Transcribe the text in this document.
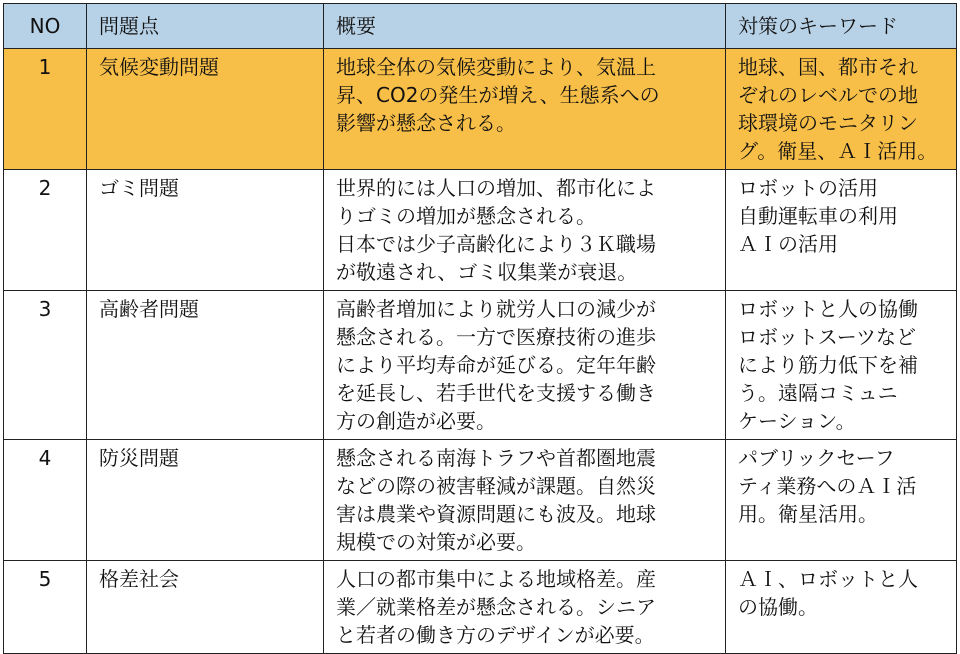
NO	問題点	概要	対策のキーワード
1	気候変動問題	地球全体の気候変動により、気温上
昇、CO2の発生が増え、生態系への
影響が懸念される。	地球、国、都市それ
ぞれのレベルでの地
球環境のモニタリン
グ。衛星、ＡＩ活用。
2	ゴミ問題	世界的には人口の増加、都市化によ
りゴミの増加が懸念される。
日本では少子高齢化により３Ｋ職場
が敬遠され、ゴミ収集業が衰退。	ロボットの活用
自動運転車の利用
ＡＩの活用
3	高齢者問題	高齢者増加により就労人口の減少が
懸念される。一方で医療技術の進歩
により平均寿命が延びる。定年年齢
を延長し、若手世代を支援する働き
方の創造が必要。	ロボットと人の協働
ロボットスーツなど
により筋力低下を補
う。遠隔コミュニ
ケーション。
4	防災問題	懸念される南海トラフや首都圏地震
などの際の被害軽減が課題。自然災
害は農業や資源問題にも波及。地球
規模での対策が必要。	パブリックセーフ
ティ業務へのＡＩ活
用。衛星活用。
5	格差社会	人口の都市集中による地域格差。産
業／就業格差が懸念される。シニア
と若者の働き方のデザインが必要。	ＡＩ、ロボットと人
の協働。
